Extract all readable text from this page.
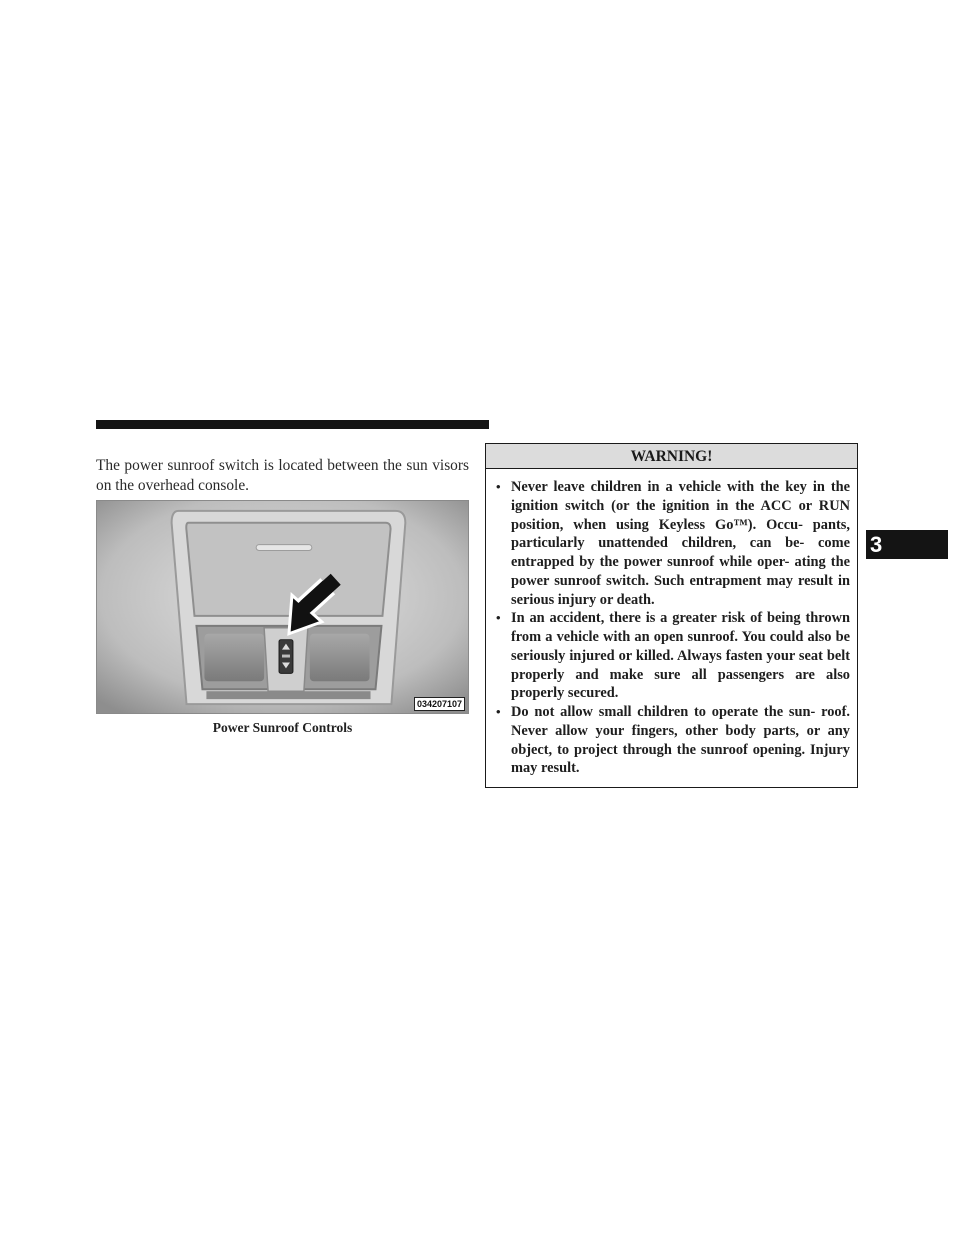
The power sunroof switch is located between the sun visors on the overhead console.

034207107
Power Sunroof Controls
WARNING!
• Never leave children in a vehicle with the key in the ignition switch (or the ignition in the ACC or RUN position, when using Keyless Go™). Occu- pants, particularly unattended children, can be- come entrapped by the power sunroof while oper- ating the power sunroof switch. Such entrapment may result in serious injury or death.
• In an accident, there is a greater risk of being thrown from a vehicle with an open sunroof. You could also be seriously injured or killed. Always fasten your seat belt properly and make sure all passengers are also properly secured.
• Do not allow small children to operate the sun- roof. Never allow your fingers, other body parts, or any object, to project through the sunroof opening. Injury may result.
3
